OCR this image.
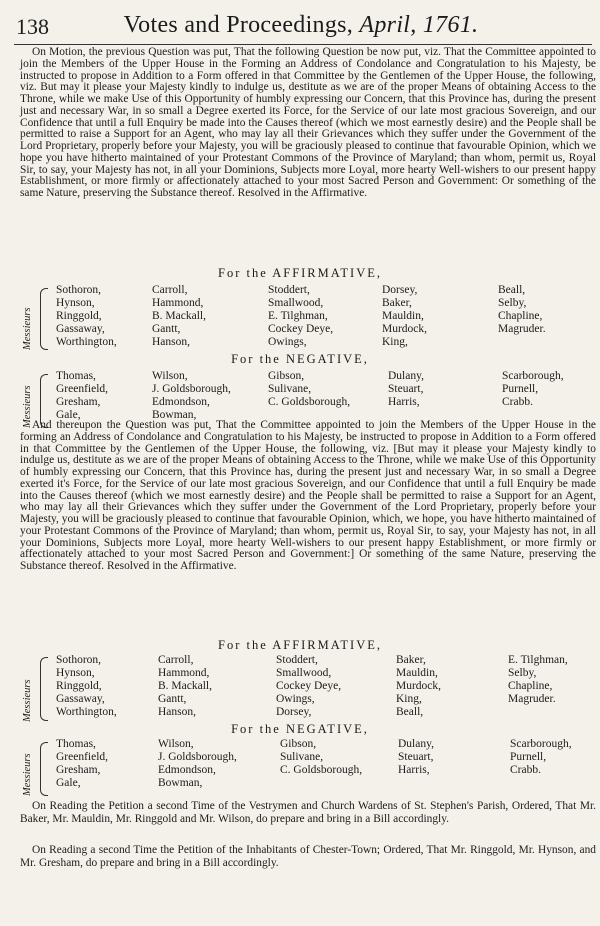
138	Votes and Proceedings, April, 1761.

On Motion, the previous Question was put, That the following Question be now put, viz. That the Committee appointed to join the Members of the Upper House in the Forming an Address of Condolance and Congratulation to his Majesty, be instructed to propose in Addition to a Form offered in that Committee by the Gentlemen of the Upper House, the following, viz. But may it please your Majesty kindly to indulge us, destitute as we are of the proper Means of obtaining Access to the Throne, while we make Use of this Opportunity of humbly expressing our Concern, that this Province has, during the present just and necessary War, in so small a Degree exerted its Force, for the Service of our late most gracious Sovereign, and our Confidence that until a full Enquiry be made into the Causes thereof (which we most earnestly desire) and the People shall be permitted to raise a Support for an Agent, who may lay all their Grievances which they suffer under the Government of the Lord Proprietary, properly before your Majesty, you will be graciously pleased to continue that favourable Opinion, which we hope you have hitherto maintained of your Protestant Commons of the Province of Maryland; than whom, permit us, Royal Sir, to say, your Majesty has not, in all your Dominions, Subjects more Loyal, more hearty Well-wishers to our present happy Establishment, or more firmly or affectionately attached to your most Sacred Person and Government: Or something of the same Nature, preserving the Substance thereof. Resolved in the Affirmative.

For the AFFIRMATIVE,
Messieurs
Sothoron,
Hynson,
Ringgold,
Gassaway,
Worthington,
Carroll,
Hammond,
B. Mackall,
Gantt,
Hanson,
Stoddert,
Smallwood,
E. Tilghman,
Cockey Deye,
Owings,
Dorsey,
Baker,
Mauldin,
Murdock,
King,
Beall,
Selby,
Chapline,
Magruder.
For the NEGATIVE,
Messieurs
Thomas,
Greenfield,
Gresham,
Gale,
Wilson,
J. Goldsborough,
Edmondson,
Bowman,
Gibson,
Sulivane,
C. Goldsborough,
Dulany,
Steuart,
Harris,
Scarborough,
Purnell,
Crabb.

And thereupon the Question was put, That the Committee appointed to join the Members of the Upper House in the forming an Address of Condolance and Congratulation to his Majesty, be instructed to propose in Addition to a Form offered in that Committee by the Gentlemen of the Upper House, the following, viz. [But may it please your Majesty kindly to indulge us, destitute as we are of the proper Means of obtaining Access to the Throne, while we make Use of this Opportunity of humbly expressing our Concern, that this Province has, during the present just and necessary War, in so small a Degree exerted it's Force, for the Service of our late most gracious Sovereign, and our Confidence that until a full Enquiry be made into the Causes thereof (which we most earnestly desire) and the People shall be permitted to raise a Support for an Agent, who may lay all their Grievances which they suffer under the Government of the Lord Proprietary, properly before your Majesty, you will be graciously pleased to continue that favourable Opinion, which, we hope, you have hitherto maintained of your Protestant Commons of the Province of Maryland; than whom, permit us, Royal Sir, to say, your Majesty has not, in all your Dominions, Subjects more Loyal, more hearty Well-wishers to our present happy Establishment, or more firmly or affectionately attached to your most Sacred Person and Government:] Or something of the same Nature, preserving the Substance thereof. Resolved in the Affirmative.

For the AFFIRMATIVE,
Messieurs
Sothoron,
Hynson,
Ringgold,
Gassaway,
Worthington,
Carroll,
Hammond,
B. Mackall,
Gantt,
Hanson,
Stoddert,
Smallwood,
Cockey Deye,
Owings,
Dorsey,
Baker,
Mauldin,
Murdock,
King,
Beall,
E. Tilghman,
Selby,
Chapline,
Magruder.
For the NEGATIVE,
Messieurs
Thomas,
Greenfield,
Gresham,
Gale,
Wilson,
J. Goldsborough,
Edmondson,
Bowman,
Gibson,
Sulivane,
C. Goldsborough,
Dulany,
Steuart,
Harris,
Scarborough,
Purnell,
Crabb.

On Reading the Petition a second Time of the Vestrymen and Church Wardens of St. Stephen's Parish, Ordered, That Mr. Baker, Mr. Mauldin, Mr. Ringgold and Mr. Wilson, do prepare and bring in a Bill accordingly.

On Reading a second Time the Petition of the Inhabitants of Chester-Town; Ordered, That Mr. Ringgold, Mr. Hynson, and Mr. Gresham, do prepare and bring in a Bill accordingly.
